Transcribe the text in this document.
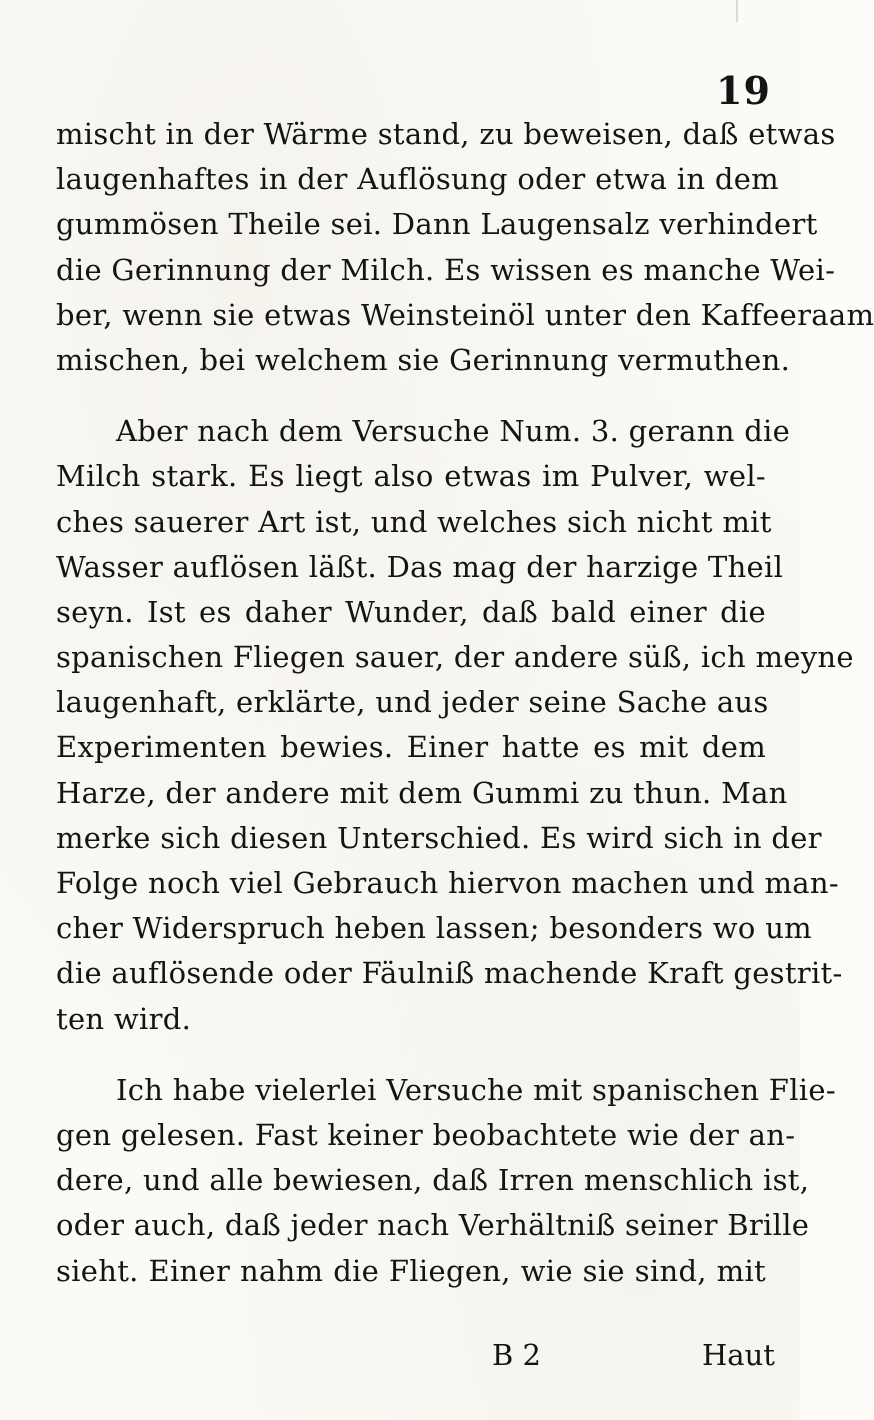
19
mischt in der Wärme stand, zu beweisen, daß etwas
laugenhaftes in der Auflösung oder etwa in dem
gummösen Theile sei. Dann Laugensalz verhindert
die Gerinnung der Milch. Es wissen es manche Wei-
ber, wenn sie etwas Weinsteinöl unter den Kaffeeraam
mischen, bei welchem sie Gerinnung vermuthen.
Aber nach dem Versuche Num. 3. gerann die
Milch stark. Es liegt also etwas im Pulver, wel-
ches sauerer Art ist, und welches sich nicht mit
Wasser auflösen läßt. Das mag der harzige Theil
seyn. Ist es daher Wunder, daß bald einer die
spanischen Fliegen sauer, der andere süß, ich meyne
laugenhaft, erklärte, und jeder seine Sache aus
Experimenten bewies. Einer hatte es mit dem
Harze, der andere mit dem Gummi zu thun. Man
merke sich diesen Unterschied. Es wird sich in der
Folge noch viel Gebrauch hiervon machen und man-
cher Widerspruch heben lassen; besonders wo um
die auflösende oder Fäulniß machende Kraft gestrit-
ten wird.
Ich habe vielerlei Versuche mit spanischen Flie-
gen gelesen. Fast keiner beobachtete wie der an-
dere, und alle bewiesen, daß Irren menschlich ist,
oder auch, daß jeder nach Verhältniß seiner Brille
sieht. Einer nahm die Fliegen, wie sie sind, mit
B 2	Haut
